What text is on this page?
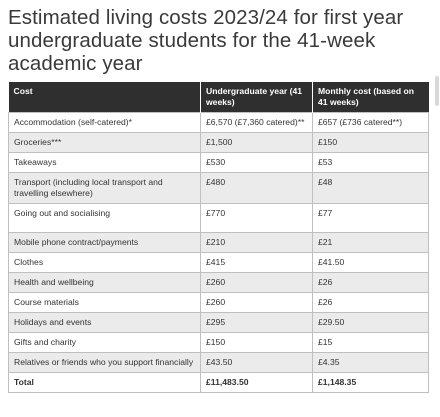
Estimated living costs 2023/24 for first year undergraduate students for the 41-week academic year
Cost	Undergraduate year (41 weeks)	Monthly cost (based on 41 weeks)
Accommodation (self-catered)*	£6,570 (£7,360 catered)**	£657 (£736 catered**)
Groceries***	£1,500	£150
Takeaways	£530	£53
Transport (including local transport and travelling elsewhere)	£480	£48
Going out and socialising	£770	£77
Mobile phone contract/payments	£210	£21
Clothes	£415	£41.50
Health and wellbeing	£260	£26
Course materials	£260	£26
Holidays and events	£295	£29.50
Gifts and charity	£150	£15
Relatives or friends who you support financially	£43.50	£4.35
Total	£11,483.50	£1,148.35
